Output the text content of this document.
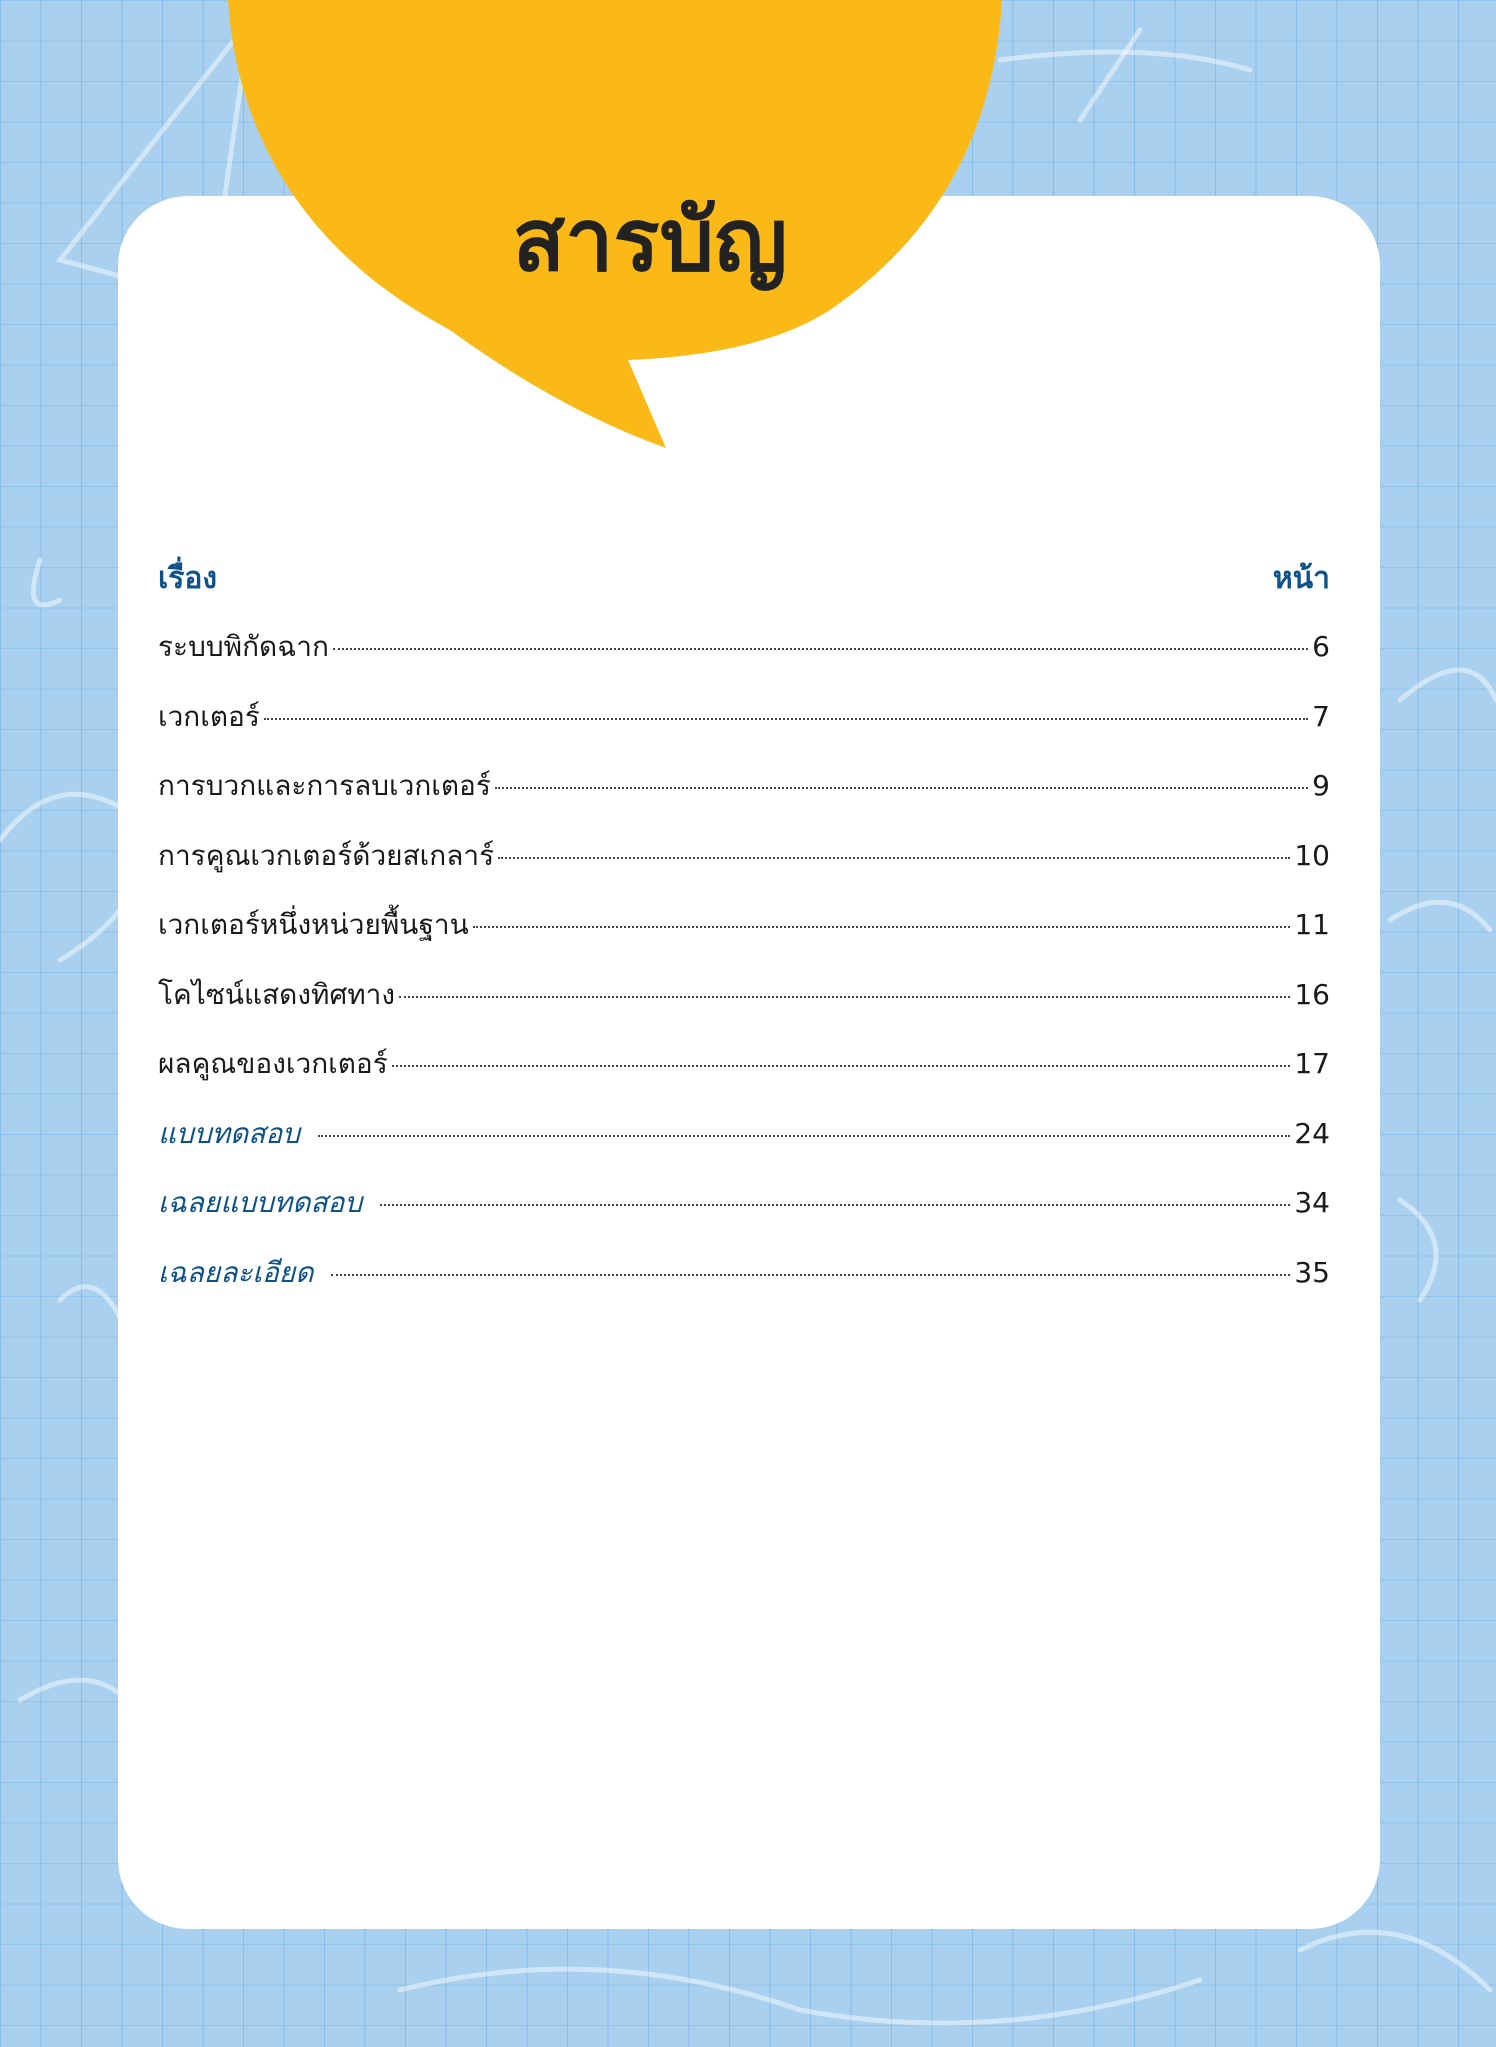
สารบัญ
เรื่อง	หน้า
ระบบพิกัดฉาก	6
เวกเตอร์	7
การบวกและการลบเวกเตอร์	9
การคูณเวกเตอร์ด้วยสเกลาร์	10
เวกเตอร์หนึ่งหน่วยพื้นฐาน	11
โคไซน์แสดงทิศทาง	16
ผลคูณของเวกเตอร์	17
แบบทดสอบ	24
เฉลยแบบทดสอบ	34
เฉลยละเอียด	35
